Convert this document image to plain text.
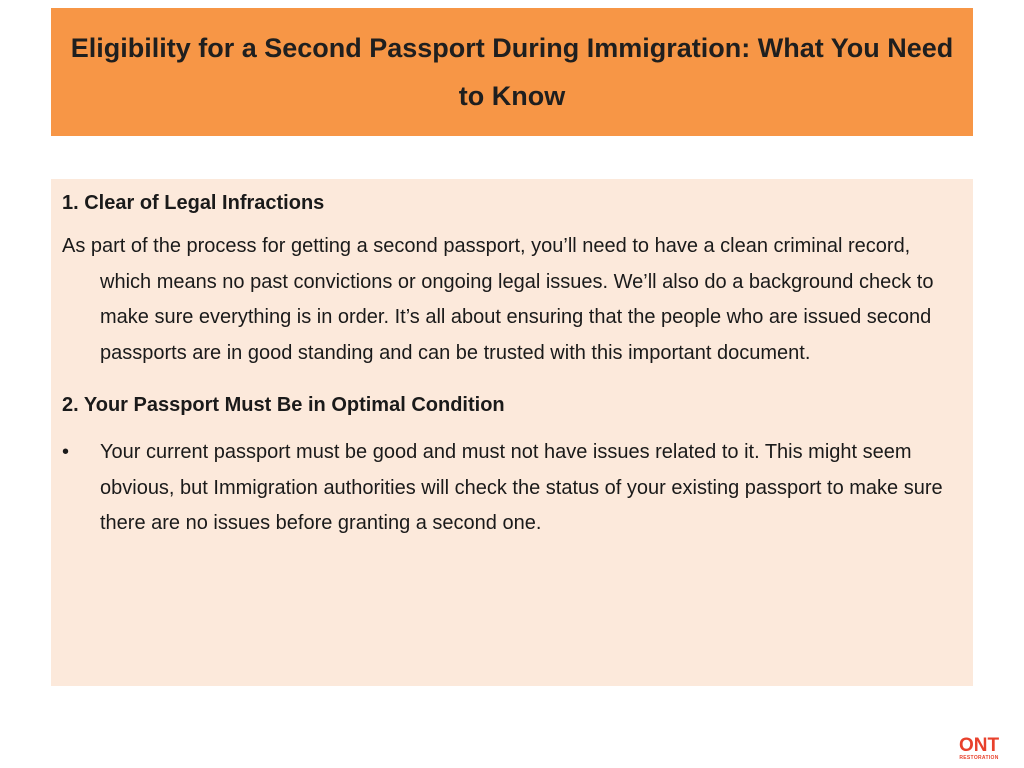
Eligibility for a Second Passport During Immigration: What You Need to Know
1. Clear of Legal Infractions

As part of the process for getting a second passport, you’ll need to have a clean criminal record, which means no past convictions or ongoing legal issues. We’ll also do a background check to make sure everything is in order. It’s all about ensuring that the people who are issued second passports are in good standing and can be trusted with this important document.

2. Your Passport Must Be in Optimal Condition
•	Your current passport must be good and must not have issues related to it. This might seem obvious, but Immigration authorities will check the status of your existing passport to make sure there are no issues before granting a second one.

ONT
RESTORATION
